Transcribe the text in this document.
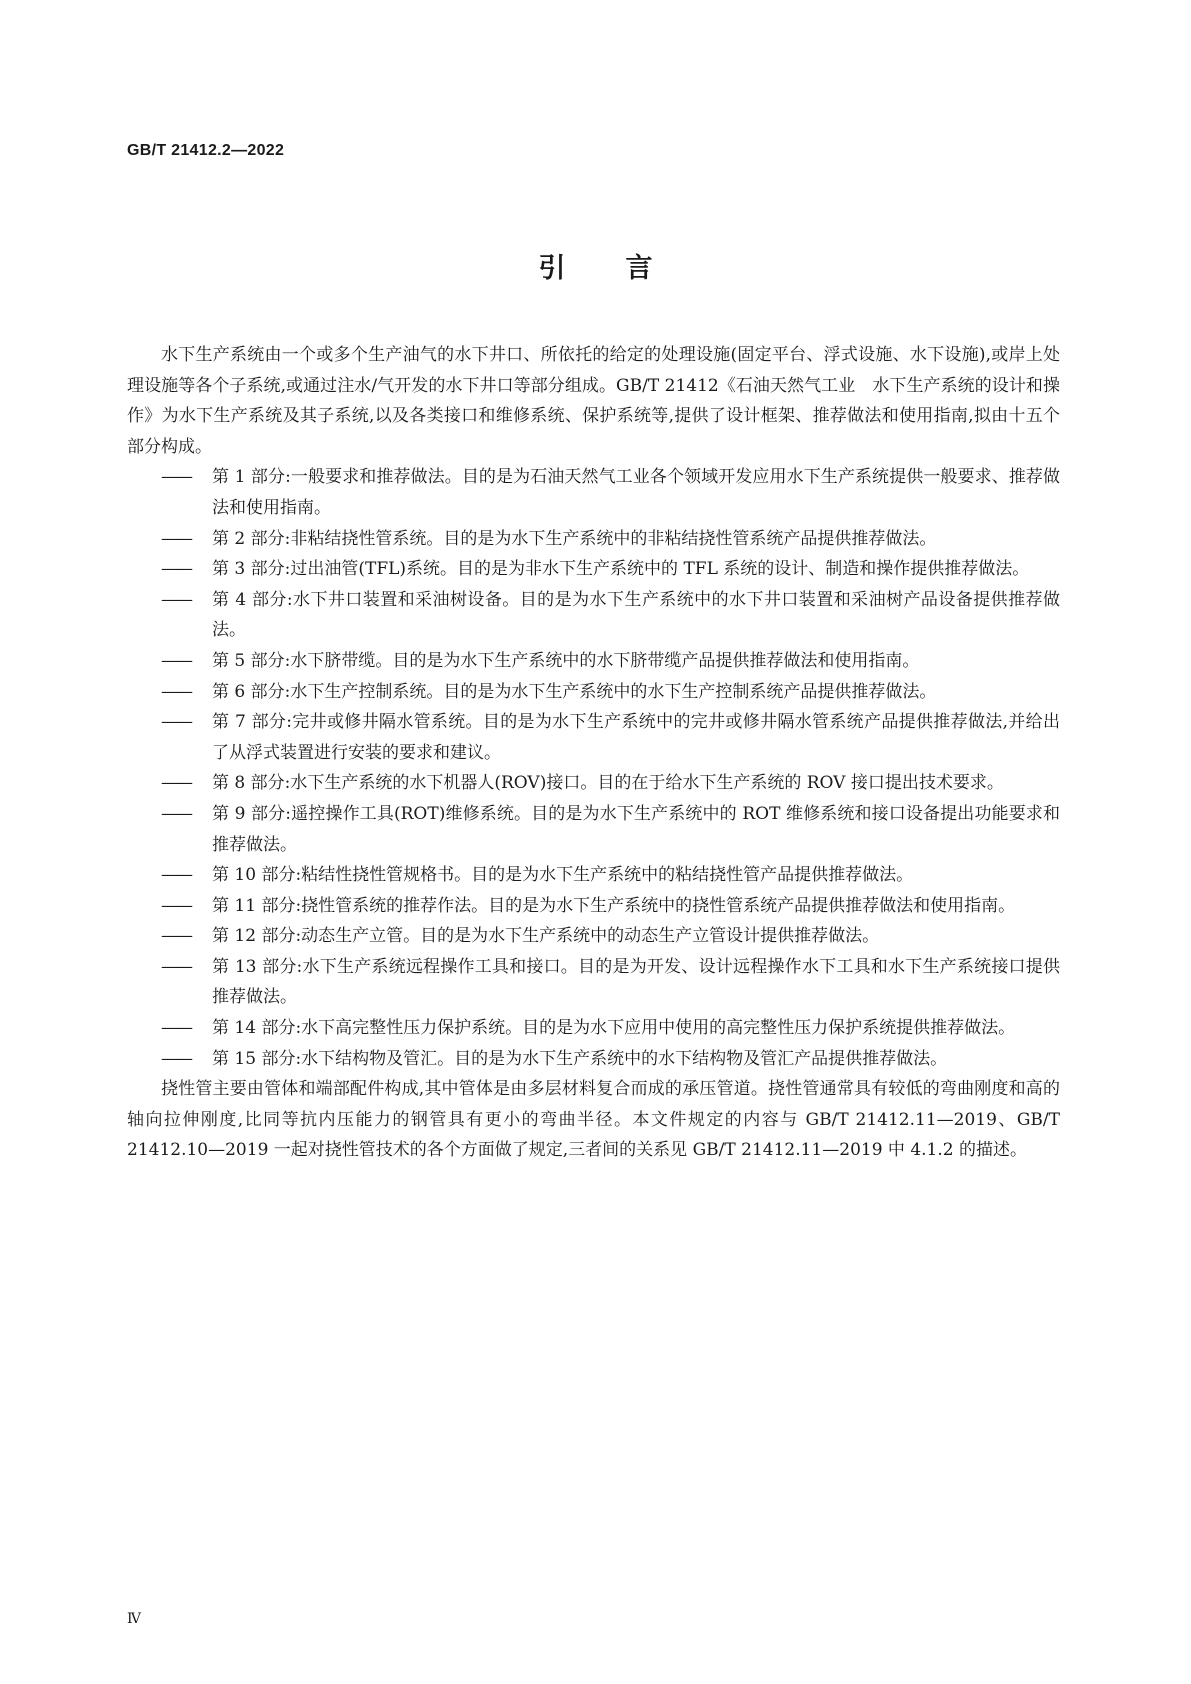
GB/T 21412.2—2022
引言

水下生产系统由一个或多个生产油气的水下井口、所依托的给定的处理设施(固定平台、浮式设施、水下设施),或岸上处理设施等各个子系统,或通过注水/气开发的水下井口等部分组成。GB/T 21412《石油天然气工业　水下生产系统的设计和操作》为水下生产系统及其子系统,以及各类接口和维修系统、保护系统等,提供了设计框架、推荐做法和使用指南,拟由十五个部分构成。

——	第 1 部分:一般要求和推荐做法。目的是为石油天然气工业各个领域开发应用水下生产系统提供一般要求、推荐做法和使用指南。
——	第 2 部分:非粘结挠性管系统。目的是为水下生产系统中的非粘结挠性管系统产品提供推荐做法。
——	第 3 部分:过出油管(TFL)系统。目的是为非水下生产系统中的 TFL 系统的设计、制造和操作提供推荐做法。
——	第 4 部分:水下井口装置和采油树设备。目的是为水下生产系统中的水下井口装置和采油树产品设备提供推荐做法。
——	第 5 部分:水下脐带缆。目的是为水下生产系统中的水下脐带缆产品提供推荐做法和使用指南。
——	第 6 部分:水下生产控制系统。目的是为水下生产系统中的水下生产控制系统产品提供推荐做法。
——	第 7 部分:完井或修井隔水管系统。目的是为水下生产系统中的完井或修井隔水管系统产品提供推荐做法,并给出了从浮式装置进行安装的要求和建议。
——	第 8 部分:水下生产系统的水下机器人(ROV)接口。目的在于给水下生产系统的 ROV 接口提出技术要求。
——	第 9 部分:遥控操作工具(ROT)维修系统。目的是为水下生产系统中的 ROT 维修系统和接口设备提出功能要求和推荐做法。
——	第 10 部分:粘结性挠性管规格书。目的是为水下生产系统中的粘结挠性管产品提供推荐做法。
——	第 11 部分:挠性管系统的推荐作法。目的是为水下生产系统中的挠性管系统产品提供推荐做法和使用指南。
——	第 12 部分:动态生产立管。目的是为水下生产系统中的动态生产立管设计提供推荐做法。
——	第 13 部分:水下生产系统远程操作工具和接口。目的是为开发、设计远程操作水下工具和水下生产系统接口提供推荐做法。
——	第 14 部分:水下高完整性压力保护系统。目的是为水下应用中使用的高完整性压力保护系统提供推荐做法。
——	第 15 部分:水下结构物及管汇。目的是为水下生产系统中的水下结构物及管汇产品提供推荐做法。

挠性管主要由管体和端部配件构成,其中管体是由多层材料复合而成的承压管道。挠性管通常具有较低的弯曲刚度和高的轴向拉伸刚度,比同等抗内压能力的钢管具有更小的弯曲半径。本文件规定的内容与 GB/T 21412.11—2019、GB/T 21412.10—2019 一起对挠性管技术的各个方面做了规定,三者间的关系见 GB/T 21412.11—2019 中 4.1.2 的描述。

Ⅳ
